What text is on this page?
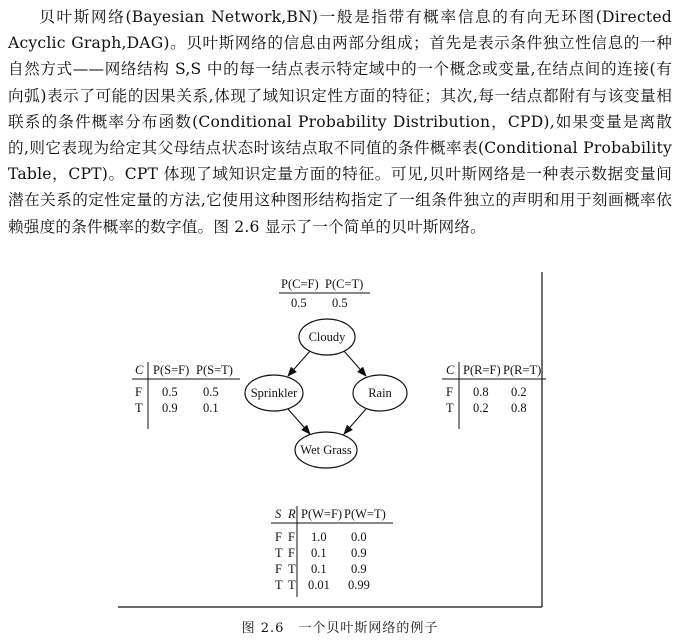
贝叶斯网络(Bayesian Network,BN)一般是指带有概率信息的有向无环图(Directed Acyclic Graph,DAG)。贝叶斯网络的信息由两部分组成；首先是表示条件独立性信息的一种自然方式——网络结构 S,S 中的每一结点表示特定域中的一个概念或变量,在结点间的连接(有向弧)表示了可能的因果关系,体现了域知识定性方面的特征；其次,每一结点都附有与该变量相联系的条件概率分布函数(Conditional Probability Distribution，CPD),如果变量是离散的,则它表现为给定其父母结点状态时该结点取不同值的条件概率表(Conditional Probability Table，CPT)。CPT 体现了域知识定量方面的特征。可见,贝叶斯网络是一种表示数据变量间潜在关系的定性定量的方法,它使用这种图形结构指定了一组条件独立的声明和用于刻画概率依赖强度的条件概率的数字值。图 2.6 显示了一个简单的贝叶斯网络。

P(C=F) P(C=T)
0.5 0.5
Cloudy
Sprinkler	Rain
Wet Grass
C P(S=F) P(S=T)
F 0.5 0.5
T 0.9 0.1
C P(R=F) P(R=T)
F 0.8 0.2
T 0.2 0.8
S R P(W=F) P(W=T)
F F 1.0 0.0
T F 0.1 0.9
F T 0.1 0.9
T T 0.01 0.99

图 2.6　一个贝叶斯网络的例子
